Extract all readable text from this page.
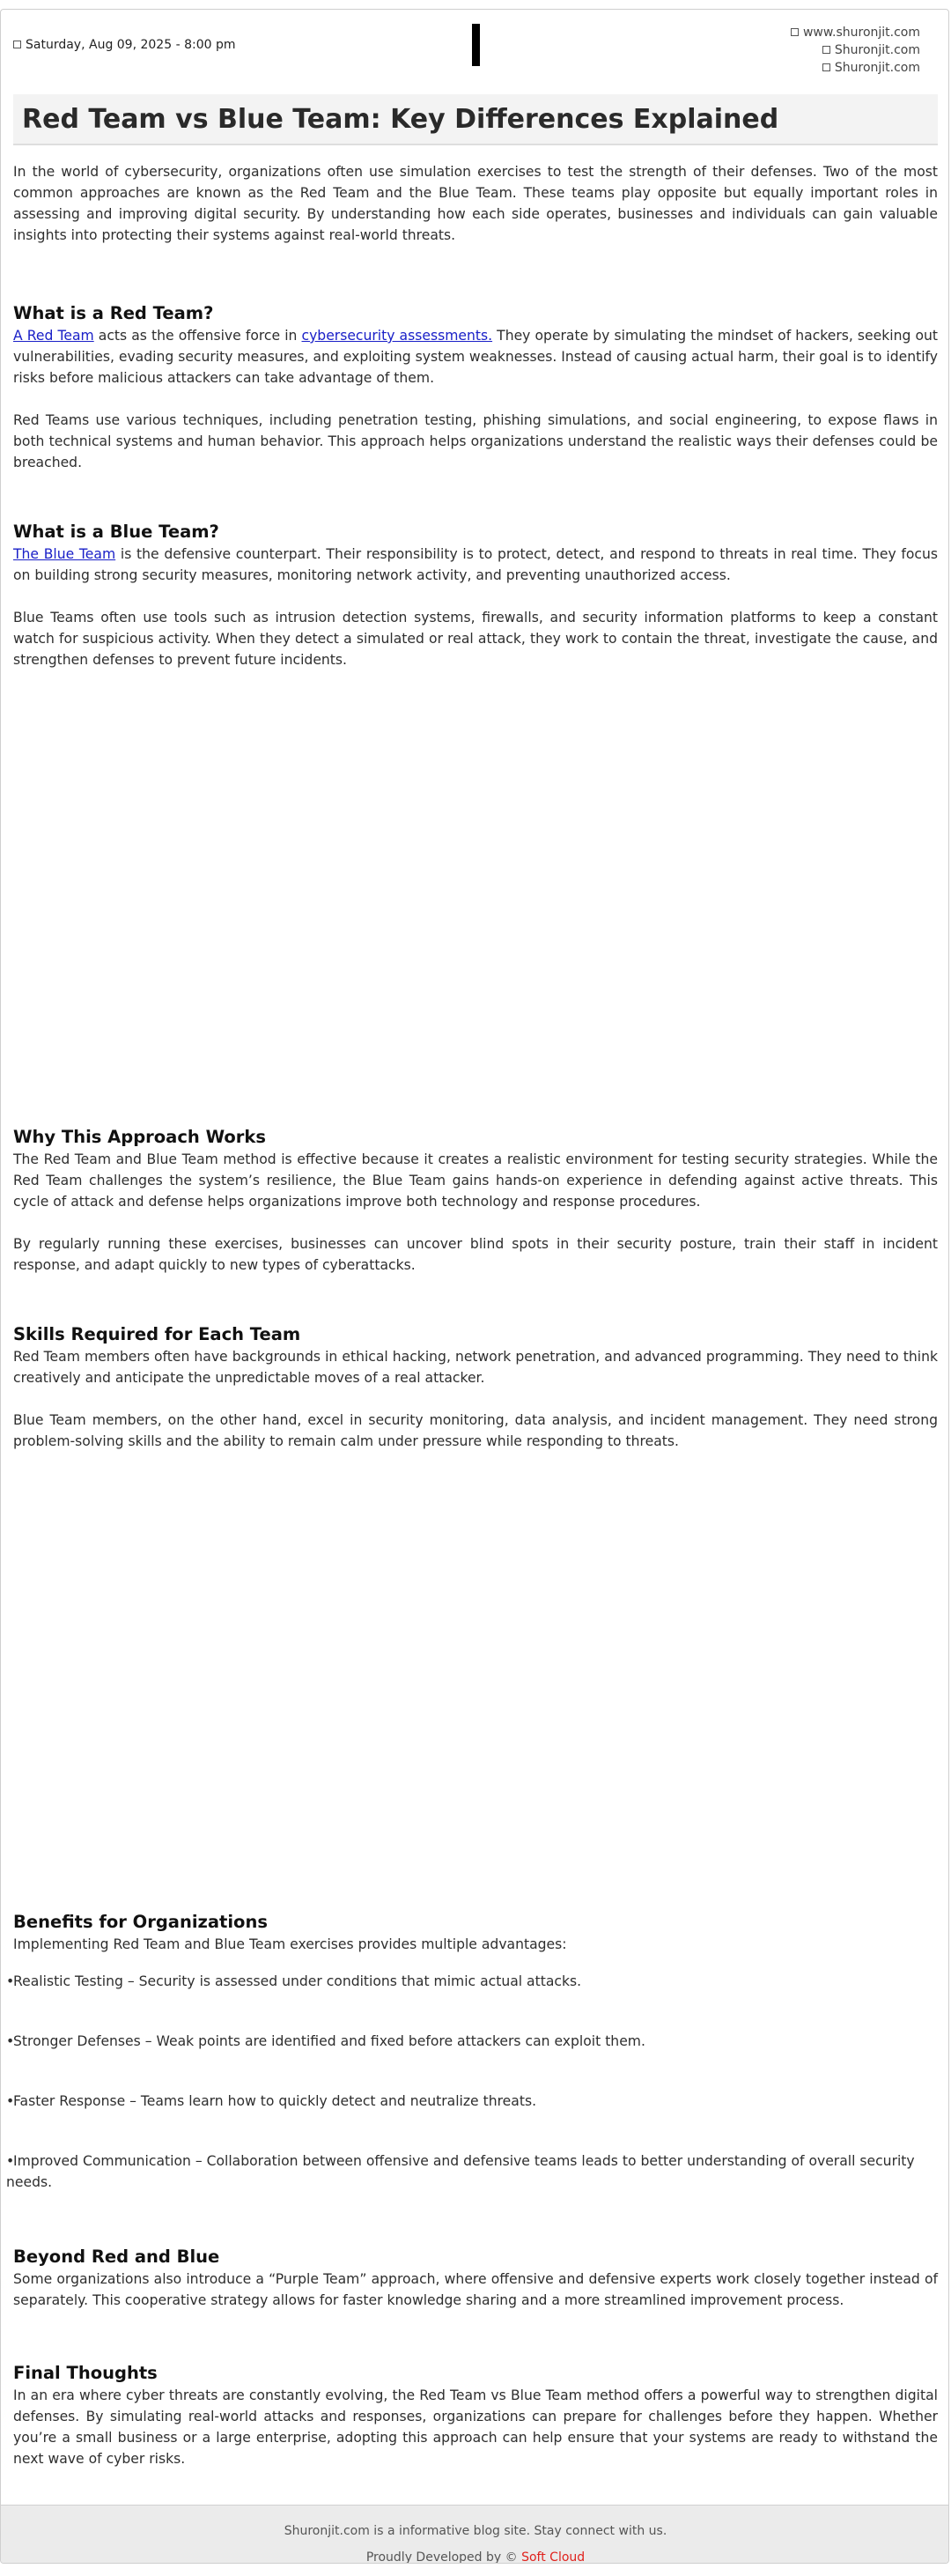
Saturday, Aug 09, 2025 - 8:00 pm
www.shuronjit.com
Shuronjit.com
Shuronjit.com
Red Team vs Blue Team: Key Differences Explained

In the world of cybersecurity, organizations often use simulation exercises to test the strength of their defenses. Two of the most common approaches are known as the Red Team and the Blue Team. These teams play opposite but equally important roles in assessing and improving digital security. By understanding how each side operates, businesses and individuals can gain valuable insights into protecting their systems against real-world threats.

What is a Red Team?

A Red Team acts as the offensive force in cybersecurity assessments. They operate by simulating the mindset of hackers, seeking out vulnerabilities, evading security measures, and exploiting system weaknesses. Instead of causing actual harm, their goal is to identify risks before malicious attackers can take advantage of them.

Red Teams use various techniques, including penetration testing, phishing simulations, and social engineering, to expose flaws in both technical systems and human behavior. This approach helps organizations understand the realistic ways their defenses could be breached.

What is a Blue Team?

The Blue Team is the defensive counterpart. Their responsibility is to protect, detect, and respond to threats in real time. They focus on building strong security measures, monitoring network activity, and preventing unauthorized access.

Blue Teams often use tools such as intrusion detection systems, firewalls, and security information platforms to keep a constant watch for suspicious activity. When they detect a simulated or real attack, they work to contain the threat, investigate the cause, and strengthen defenses to prevent future incidents.

Why This Approach Works

The Red Team and Blue Team method is effective because it creates a realistic environment for testing security strategies. While the Red Team challenges the system’s resilience, the Blue Team gains hands-on experience in defending against active threats. This cycle of attack and defense helps organizations improve both technology and response procedures.

By regularly running these exercises, businesses can uncover blind spots in their security posture, train their staff in incident response, and adapt quickly to new types of cyberattacks.

Skills Required for Each Team

Red Team members often have backgrounds in ethical hacking, network penetration, and advanced programming. They need to think creatively and anticipate the unpredictable moves of a real attacker.

Blue Team members, on the other hand, excel in security monitoring, data analysis, and incident management. They need strong problem-solving skills and the ability to remain calm under pressure while responding to threats.

Benefits for Organizations

Implementing Red Team and Blue Team exercises provides multiple advantages:

•Realistic Testing – Security is assessed under conditions that mimic actual attacks.
•Stronger Defenses – Weak points are identified and fixed before attackers can exploit them.
•Faster Response – Teams learn how to quickly detect and neutralize threats.
•Improved Communication – Collaboration between offensive and defensive teams leads to better understanding of overall security needs.
Beyond Red and Blue

Some organizations also introduce a “Purple Team” approach, where offensive and defensive experts work closely together instead of separately. This cooperative strategy allows for faster knowledge sharing and a more streamlined improvement process.

Final Thoughts

In an era where cyber threats are constantly evolving, the Red Team vs Blue Team method offers a powerful way to strengthen digital defenses. By simulating real-world attacks and responses, organizations can prepare for challenges before they happen. Whether you’re a small business or a large enterprise, adopting this approach can help ensure that your systems are ready to withstand the next wave of cyber risks.

Shuronjit.com is a informative blog site. Stay connect with us.
Proudly Developed by © Soft Cloud
